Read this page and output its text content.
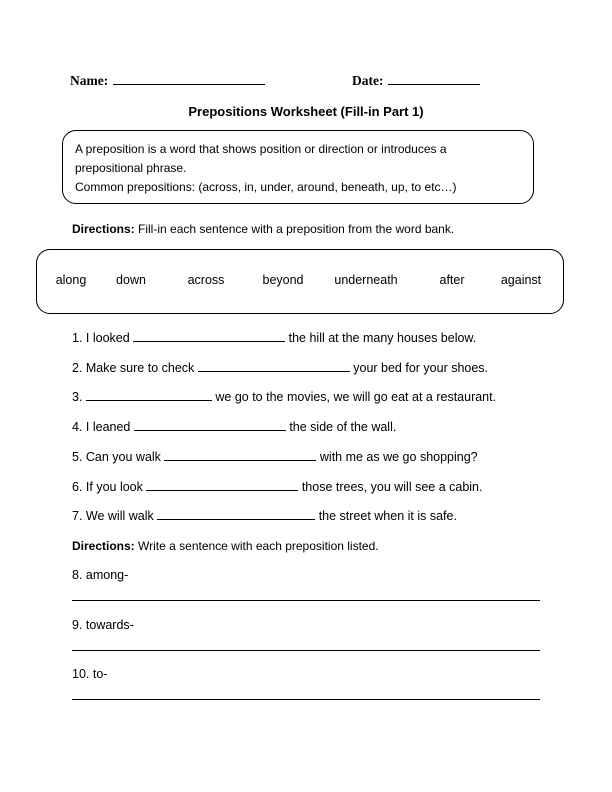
Name:	Date:
Prepositions Worksheet (Fill-in Part 1)

A preposition is a word that shows position or direction or introduces a

prepositional phrase.

Common prepositions: (across, in, under, around, beneath, up, to etc…)

Directions: Fill-in each sentence with a preposition from the word bank.
along down	across	beyond underneath	after	against
1. I looked	the hill at the many houses below.
2. Make sure to check	your bed for your shoes.
3.	we go to the movies, we will go eat at a restaurant.
4. I leaned	the side of the wall.
5. Can you walk	with me as we go shopping?
6. If you look	those trees, you will see a cabin.
7. We will walk	the street when it is safe.
Directions: Write a sentence with each preposition listed.
8. among-
9. towards-
10. to-
